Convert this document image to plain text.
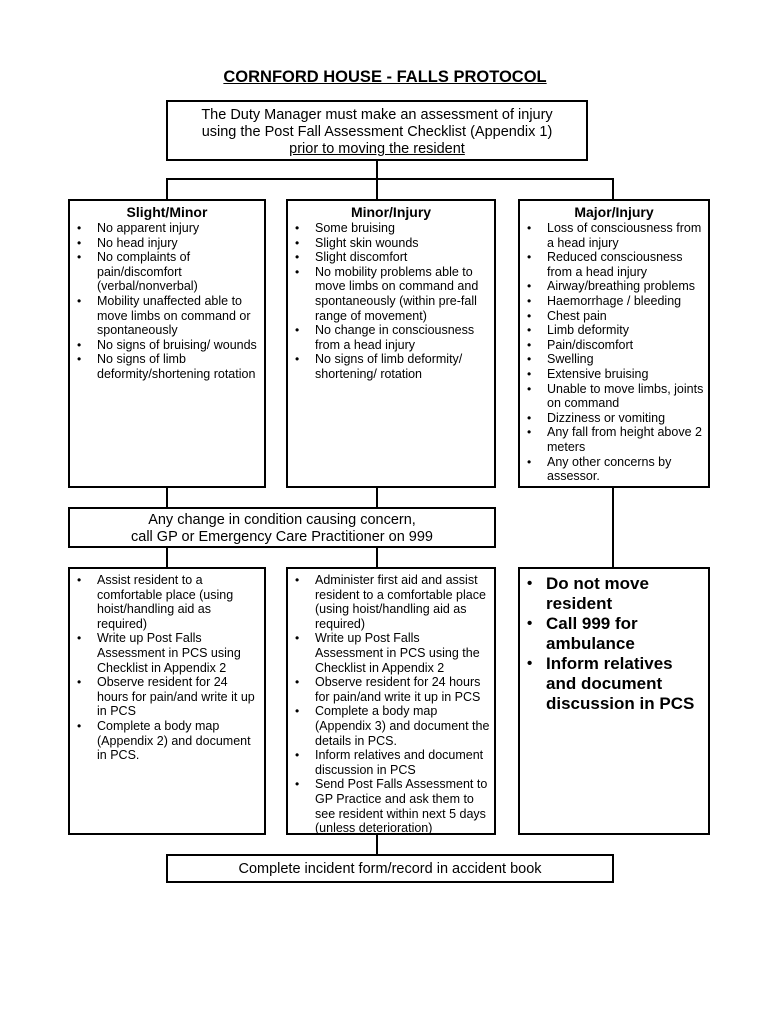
CORNFORD HOUSE - FALLS PROTOCOL
The Duty Manager must make an assessment of injury
using the Post Fall Assessment Checklist (Appendix 1)
prior to moving the resident
Slight/Minor
• No apparent injury
• No head injury
• No complaints of pain/discomfort (verbal/nonverbal)
• Mobility unaffected able to move limbs on command or spontaneously
• No signs of bruising/ wounds
• No signs of limb deformity/shortening rotation
Minor/Injury
• Some bruising
• Slight skin wounds
• Slight discomfort
• No mobility problems able to move limbs on command and spontaneously (within pre-fall range of movement)
• No change in consciousness from a head injury
• No signs of limb deformity/ shortening/ rotation
Major/Injury
• Loss of consciousness from a head injury
• Reduced consciousness from a head injury
• Airway/breathing problems
• Haemorrhage / bleeding
• Chest pain
• Limb deformity
• Pain/discomfort
• Swelling
• Extensive bruising
• Unable to move limbs, joints on command
• Dizziness or vomiting
• Any fall from height above 2 meters
• Any other concerns by assessor.
Any change in condition causing concern,
call GP or Emergency Care Practitioner on 999
• Assist resident to a comfortable place (using hoist/handling aid as required)
• Write up Post Falls Assessment in PCS using Checklist in Appendix 2
• Observe resident for 24 hours for pain/and write it up in PCS
• Complete a body map (Appendix 2) and document in PCS.
• Administer first aid and assist resident to a comfortable place (using hoist/handling aid as required)
• Write up Post Falls Assessment in PCS using the Checklist in Appendix 2
• Observe resident for 24 hours for pain/and write it up in PCS
• Complete a body map (Appendix 3) and document the details in PCS.
• Inform relatives and document discussion in PCS
• Send Post Falls Assessment to GP Practice and ask them to see resident within next 5 days (unless deterioration)
• Do not move resident
• Call 999 for ambulance
• Inform relatives and document discussion in PCS
Complete incident form/record in accident book
